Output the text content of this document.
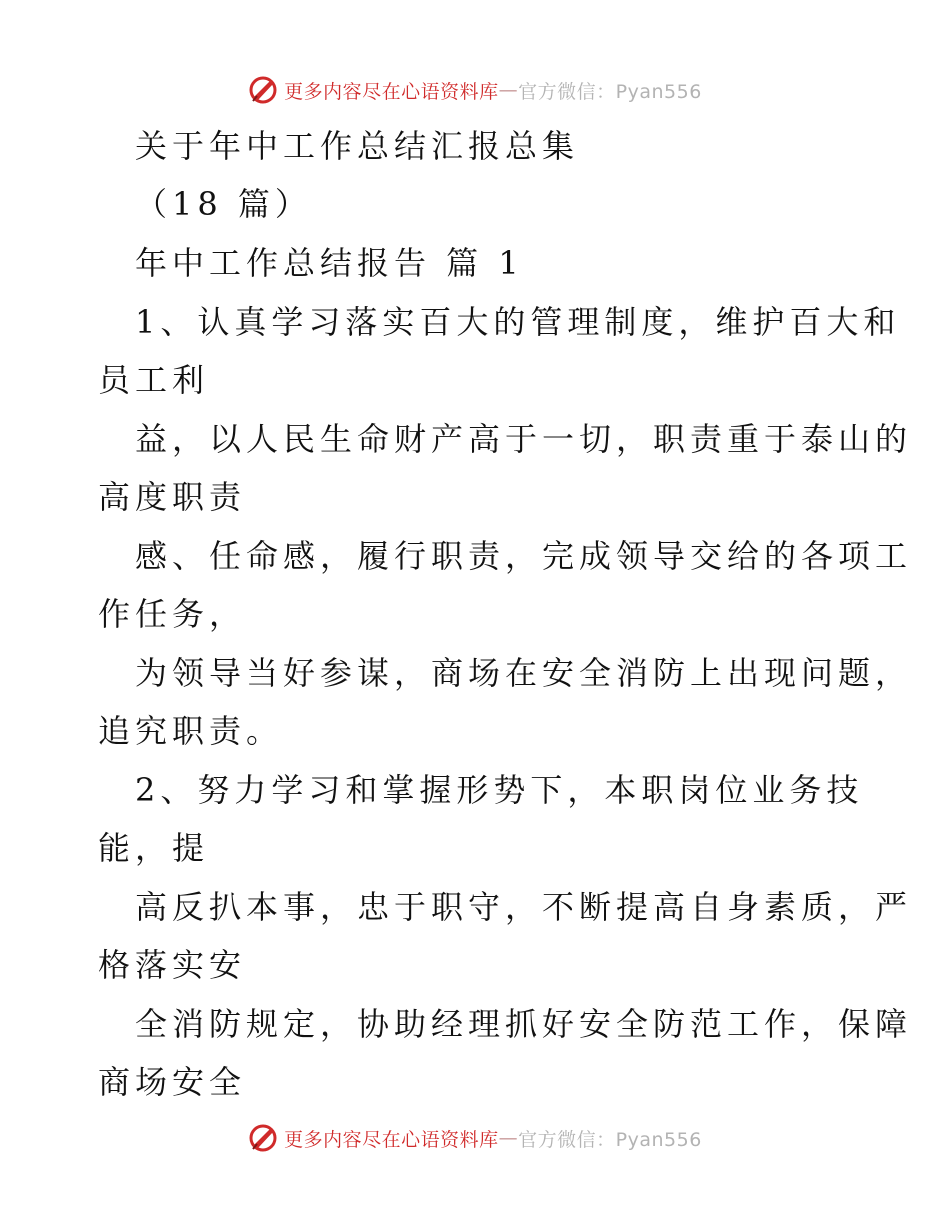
更多内容尽在心语资料库 — 官方微信：Pyan556

关于年中工作总结汇报总集

（18 篇）

年中工作总结报告 篇 1

1、认真学习落实百大的管理制度，维护百大和

员工利

益，以人民生命财产高于一切，职责重于泰山的

高度职责

感、任命感，履行职责，完成领导交给的各项工

作任务，

为领导当好参谋，商场在安全消防上出现问题，

追究职责。

2、努力学习和掌握形势下，本职岗位业务技

能，提

高反扒本事，忠于职守，不断提高自身素质，严

格落实安

全消防规定，协助经理抓好安全防范工作，保障

商场安全

更多内容尽在心语资料库 — 官方微信：Pyan556
